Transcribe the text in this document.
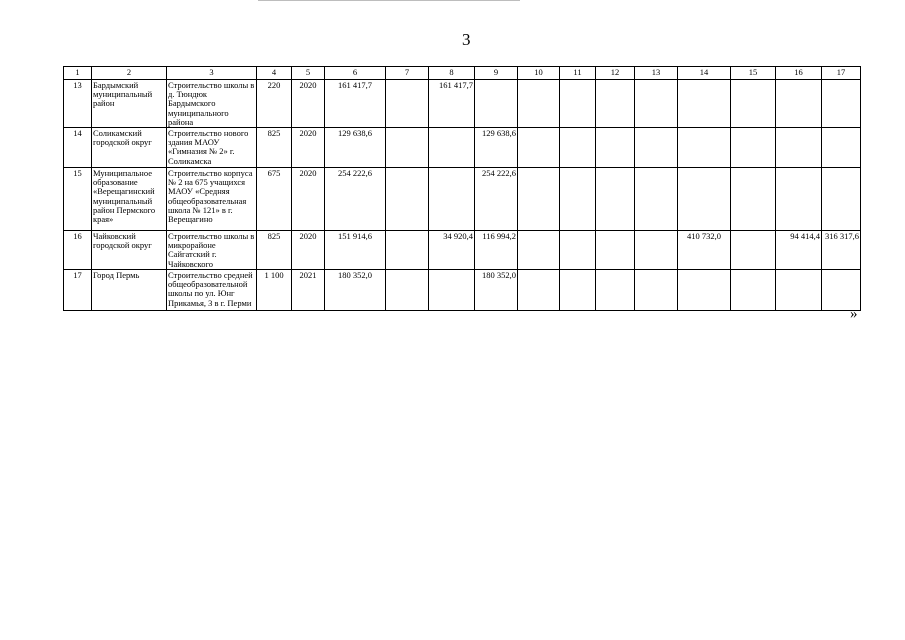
3
1	2	3	4	5	6	7	8	9	10	11	12	13	14	15	16	17
13	Бардымский муниципальный район	Строительство школы в д. Тюндюк Бардымского муниципального района	220	2020	161 417,7		161 417,7									
14	Соликамский городской округ	Строительство нового здания МАОУ «Гимназия № 2» г. Соликамска	825	2020	129 638,6			129 638,6								
15	Муниципальное образование «Верещагинский муниципальный район Пермского края»	Строительство корпуса № 2 на 675 учащихся МАОУ «Средняя общеобразовательная школа № 121» в г. Верещагино	675	2020	254 222,6			254 222,6								
16	Чайковский городской округ	Строительство школы в микрорайоне Сайгатский г. Чайковского	825	2020	151 914,6		34 920,4	116 994,2					410 732,0		94 414,4	316 317,6
17	Город Пермь	Строительство средней общеобразовательной школы по ул. Юнг Прикамья, 3 в г. Перми	1 100	2021	180 352,0			180 352,0								
»
